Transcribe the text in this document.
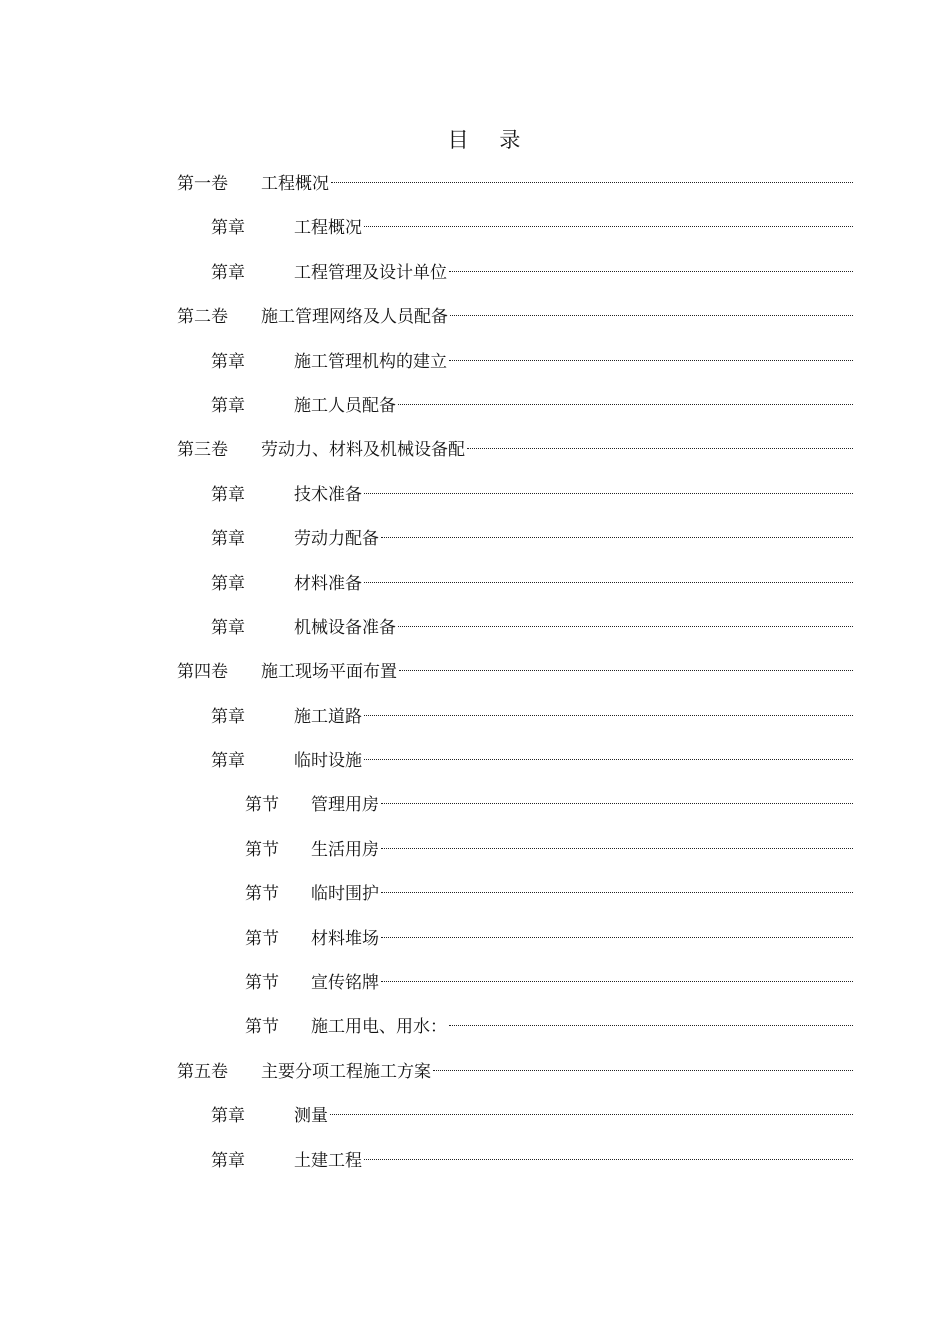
目 录
第一卷	工程概况
第章	工程概况
第章	工程管理及设计单位
第二卷	施工管理网络及人员配备
第章	施工管理机构的建立
第章	施工人员配备
第三卷	劳动力、材料及机械设备配
第章	技术准备
第章	劳动力配备
第章	材料准备
第章	机械设备准备
第四卷	施工现场平面布置
第章	施工道路
第章	临时设施
第节	管理用房
第节	生活用房
第节	临时围护
第节	材料堆场
第节	宣传铭牌
第节	施工用电、用水：
第五卷	主要分项工程施工方案
第章	测量
第章	土建工程
